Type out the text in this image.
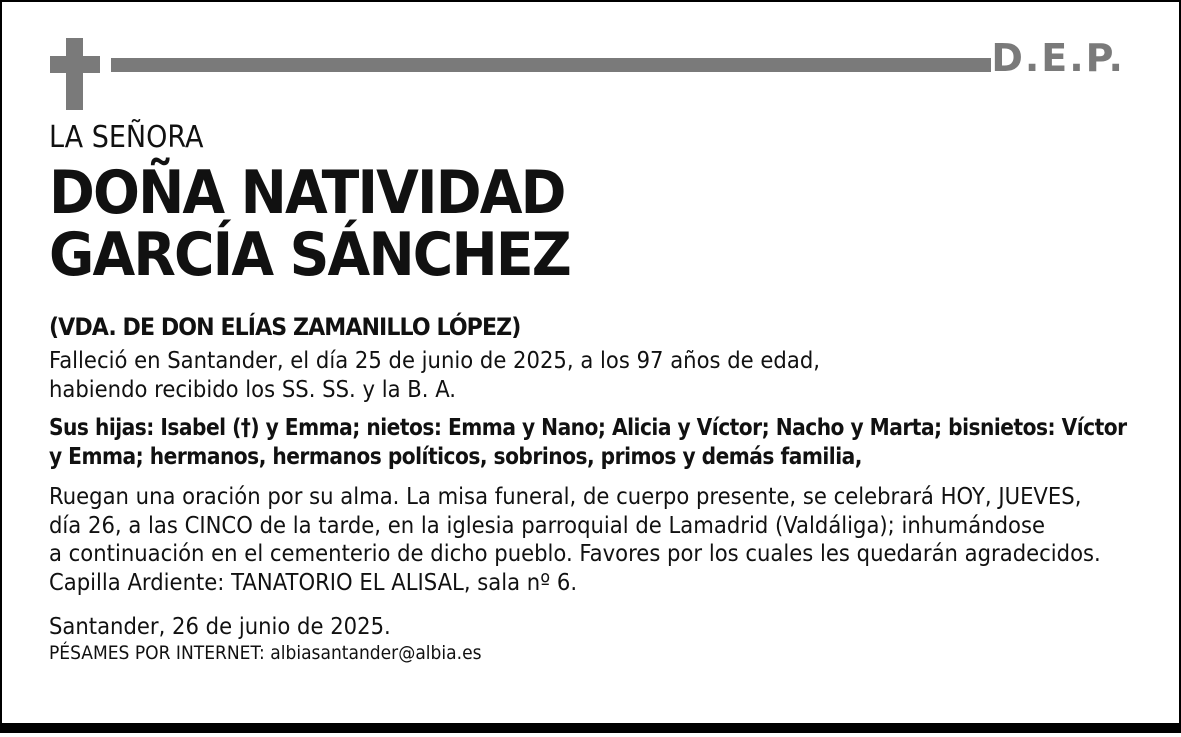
D.E.P.
LA SEÑORA
DOÑA NATIVIDAD
GARCÍA SÁNCHEZ
(VDA. DE DON ELÍAS ZAMANILLO LÓPEZ)
Falleció en Santander, el día 25 de junio de 2025, a los 97 años de edad,
habiendo recibido los SS. SS. y la B. A.
Sus hijas: Isabel (†) y Emma; nietos: Emma y Nano; Alicia y Víctor; Nacho y Marta; bisnietos: Víctor
y Emma; hermanos, hermanos políticos, sobrinos, primos y demás familia,
Ruegan una oración por su alma. La misa funeral, de cuerpo presente, se celebrará HOY, JUEVES,
día 26, a las CINCO de la tarde, en la iglesia parroquial de Lamadrid (Valdáliga); inhumándose
a continuación en el cementerio de dicho pueblo. Favores por los cuales les quedarán agradecidos.
Capilla Ardiente: TANATORIO EL ALISAL, sala nº 6.
Santander, 26 de junio de 2025.
PÉSAMES POR INTERNET: albiasantander@albia.es
